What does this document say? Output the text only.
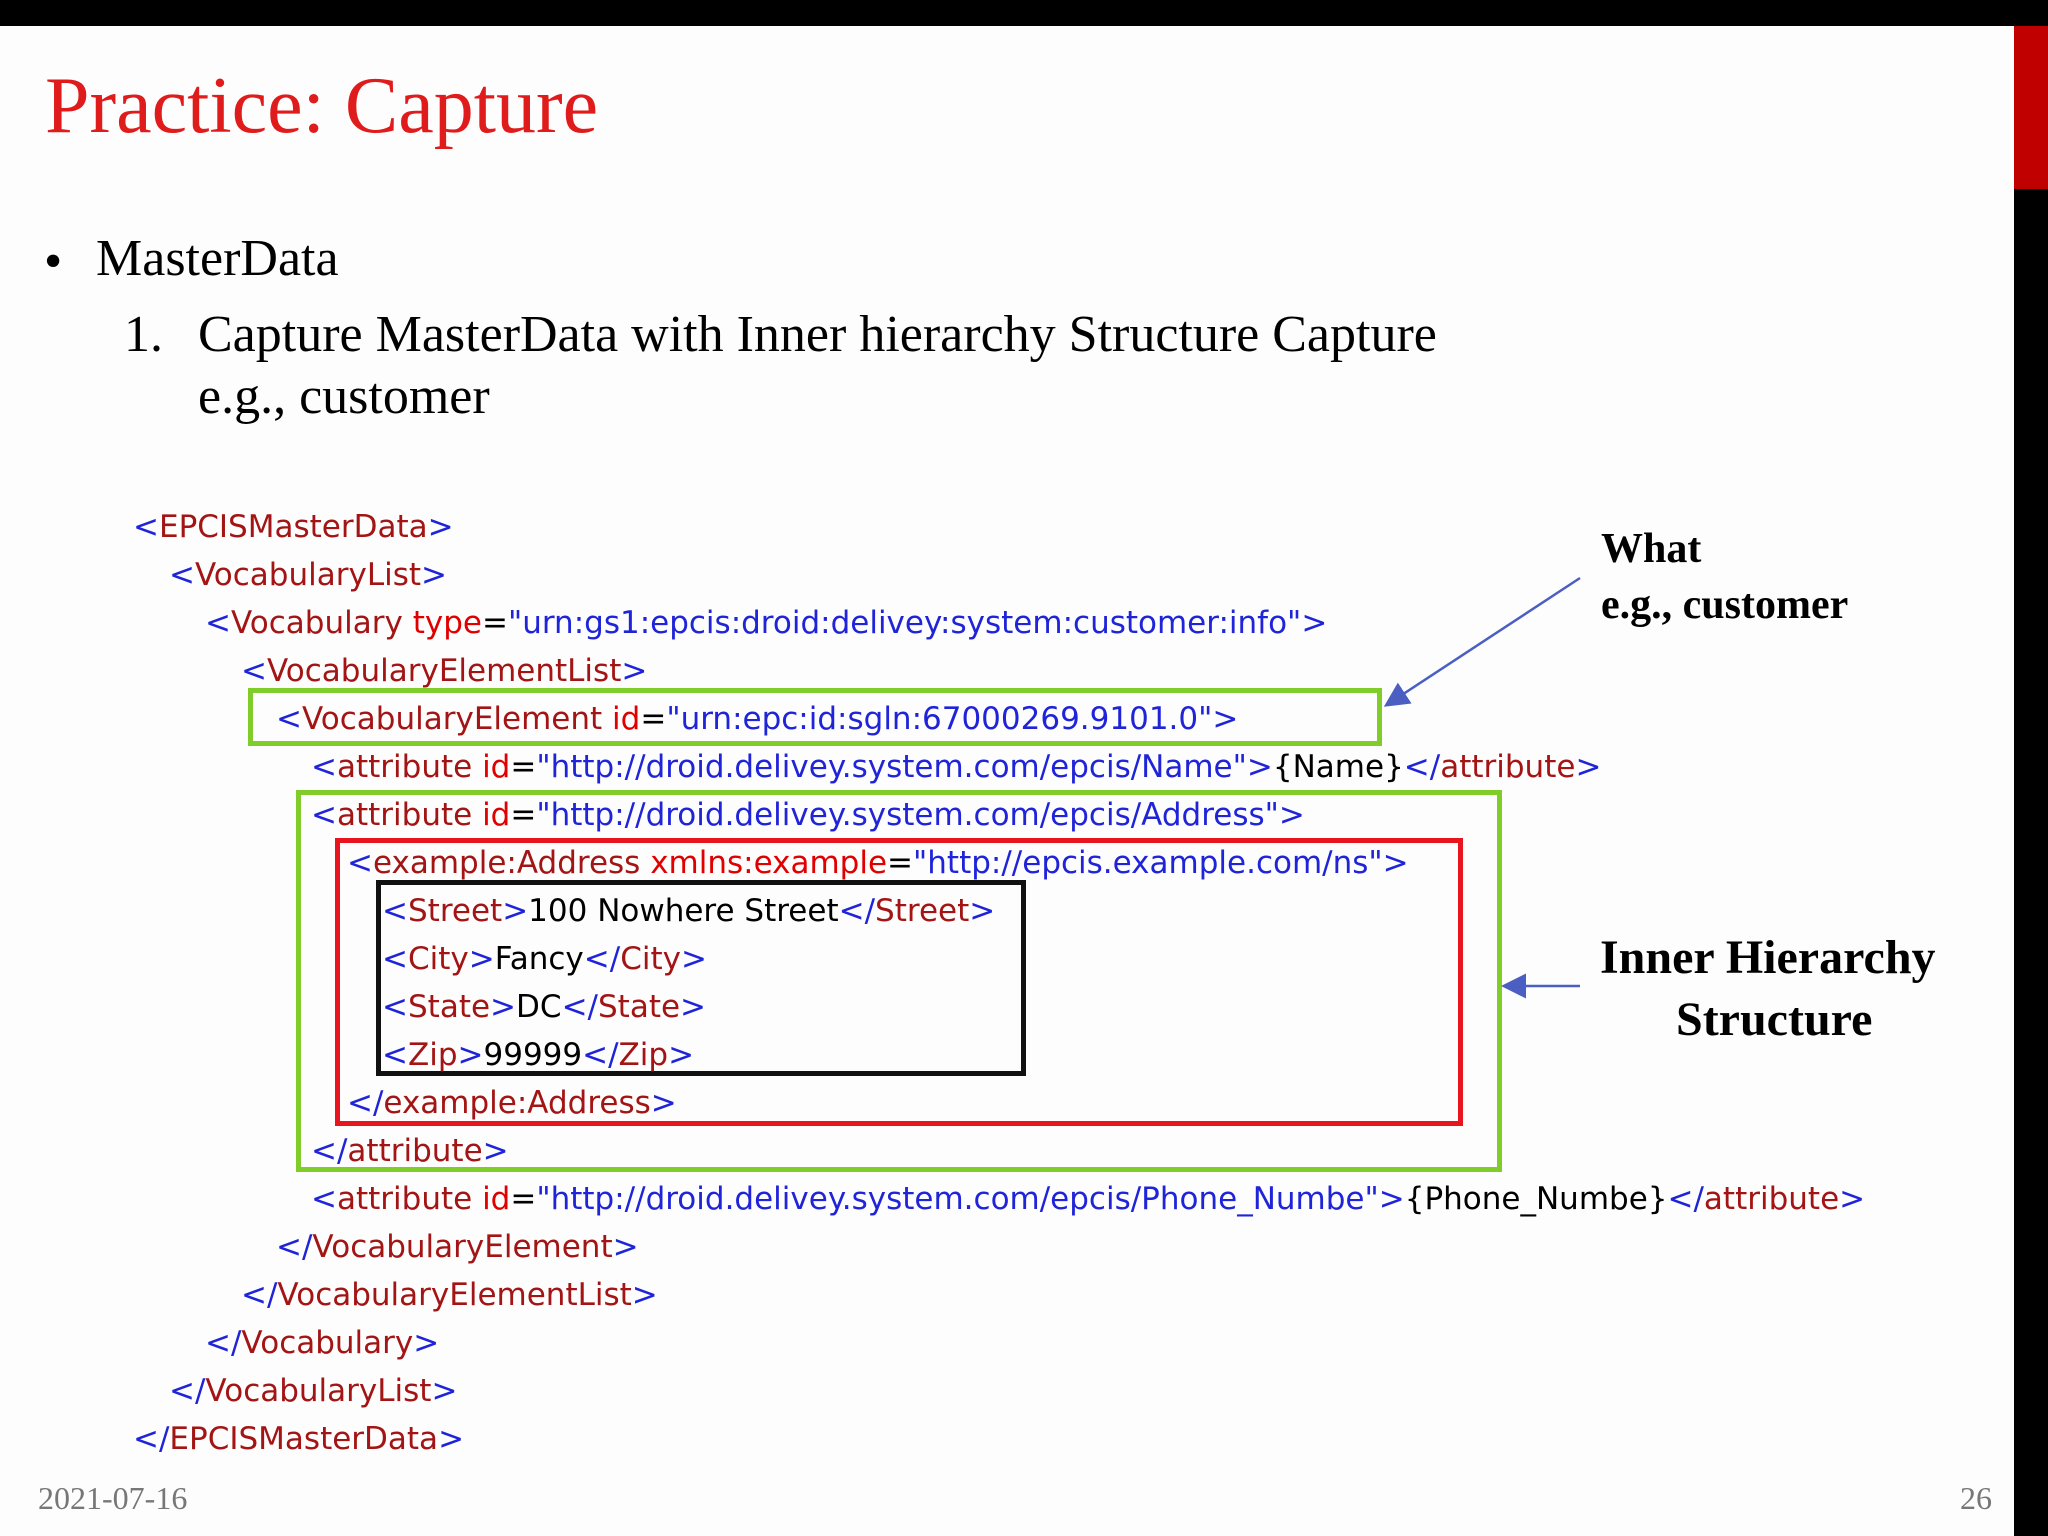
Practice: Capture
• MasterData
1. Capture MasterData with Inner hierarchy Structure Capture
e.g., customer
<EPCISMasterData>
<VocabularyList>
<Vocabulary type="urn:gs1:epcis:droid:delivey:system:customer:info">
<VocabularyElementList>
<VocabularyElement id="urn:epc:id:sgln:67000269.9101.0">
<attribute id="http://droid.delivey.system.com/epcis/Name">{Name}</attribute>
<attribute id="http://droid.delivey.system.com/epcis/Address">
<example:Address xmlns:example="http://epcis.example.com/ns">
<Street>100 Nowhere Street</Street>
<City>Fancy</City>
<State>DC</State>
<Zip>99999</Zip>
</example:Address>
</attribute>
<attribute id="http://droid.delivey.system.com/epcis/Phone_Numbe">{Phone_Numbe}</attribute>
</VocabularyElement>
</VocabularyElementList>
</Vocabulary>
</VocabularyList>
</EPCISMasterData>
What
e.g., customer
Inner Hierarchy
Structure
2021-07-16	26
